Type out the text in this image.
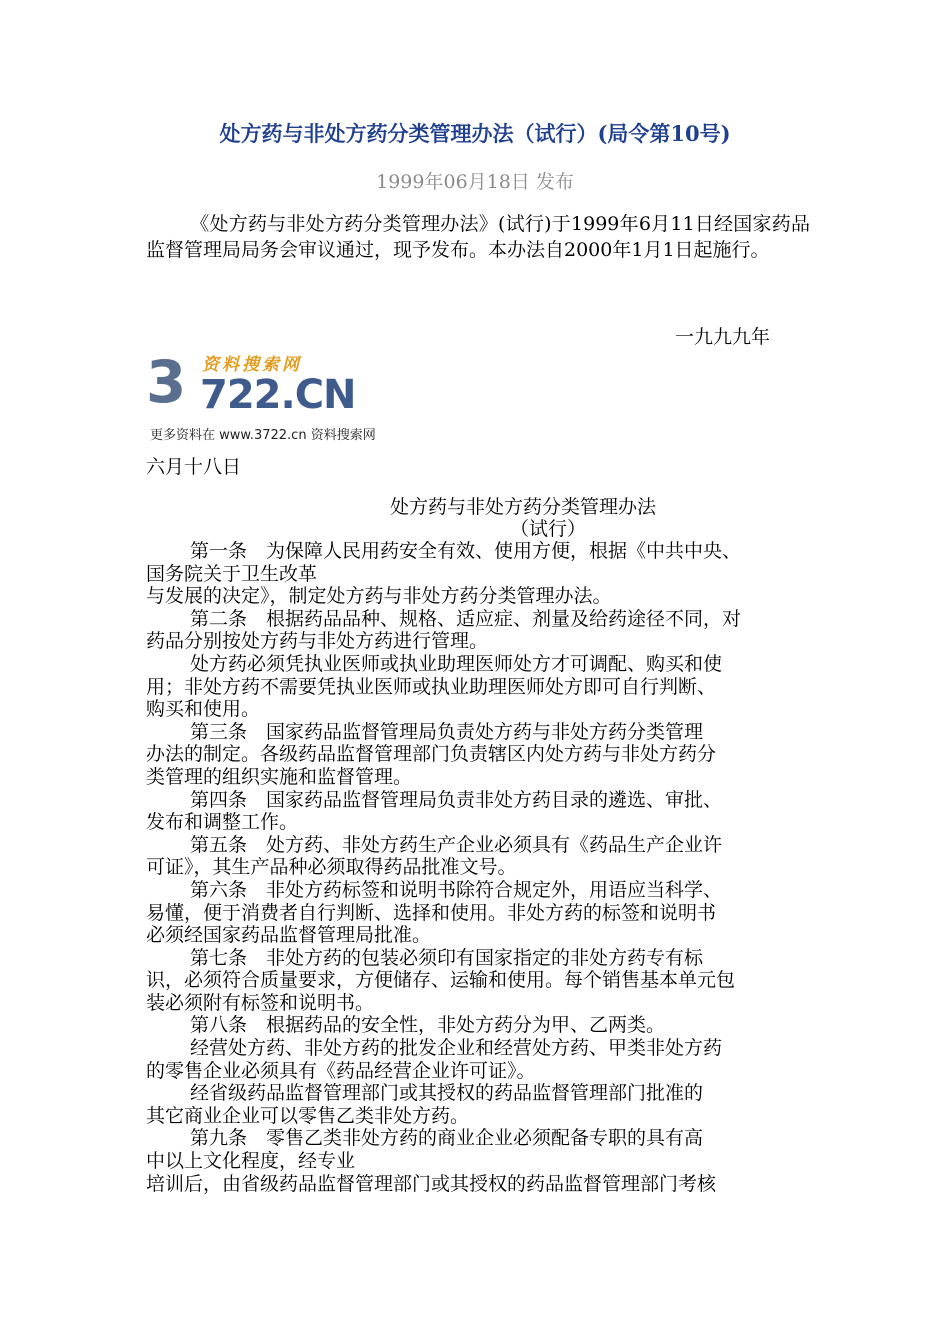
处方药与非处方药分类管理办法（试行）(局令第10号)
1999年06月18日 发布
《处方药与非处方药分类管理办法》(试行)于1999年6月11日经国家药品监督管理局局务会审议通过，现予发布。本办法自2000年1月1日起施行。
一九九九年
3 资料搜索网
722.CN
更多资料在 www.3722.cn 资料搜索网
六月十八日
处方药与非处方药分类管理办法
（试行）
第一条　为保障人民用药安全有效、使用方便，根据《中共中央、
国务院关于卫生改革
与发展的决定》，制定处方药与非处方药分类管理办法。
第二条　根据药品品种、规格、适应症、剂量及给药途径不同，对
药品分别按处方药与非处方药进行管理。
处方药必须凭执业医师或执业助理医师处方才可调配、购买和使
用；非处方药不需要凭执业医师或执业助理医师处方即可自行判断、
购买和使用。
第三条　国家药品监督管理局负责处方药与非处方药分类管理
办法的制定。各级药品监督管理部门负责辖区内处方药与非处方药分
类管理的组织实施和监督管理。
第四条　国家药品监督管理局负责非处方药目录的遴选、审批、
发布和调整工作。
第五条　处方药、非处方药生产企业必须具有《药品生产企业许
可证》，其生产品种必须取得药品批准文号。
第六条　非处方药标签和说明书除符合规定外，用语应当科学、
易懂，便于消费者自行判断、选择和使用。非处方药的标签和说明书
必须经国家药品监督管理局批准。
第七条　非处方药的包装必须印有国家指定的非处方药专有标
识，必须符合质量要求，方便储存、运输和使用。每个销售基本单元包
装必须附有标签和说明书。
第八条　根据药品的安全性，非处方药分为甲、乙两类。
经营处方药、非处方药的批发企业和经营处方药、甲类非处方药
的零售企业必须具有《药品经营企业许可证》。
经省级药品监督管理部门或其授权的药品监督管理部门批准的
其它商业企业可以零售乙类非处方药。
第九条　零售乙类非处方药的商业企业必须配备专职的具有高
中以上文化程度，经专业
培训后，由省级药品监督管理部门或其授权的药品监督管理部门考核
